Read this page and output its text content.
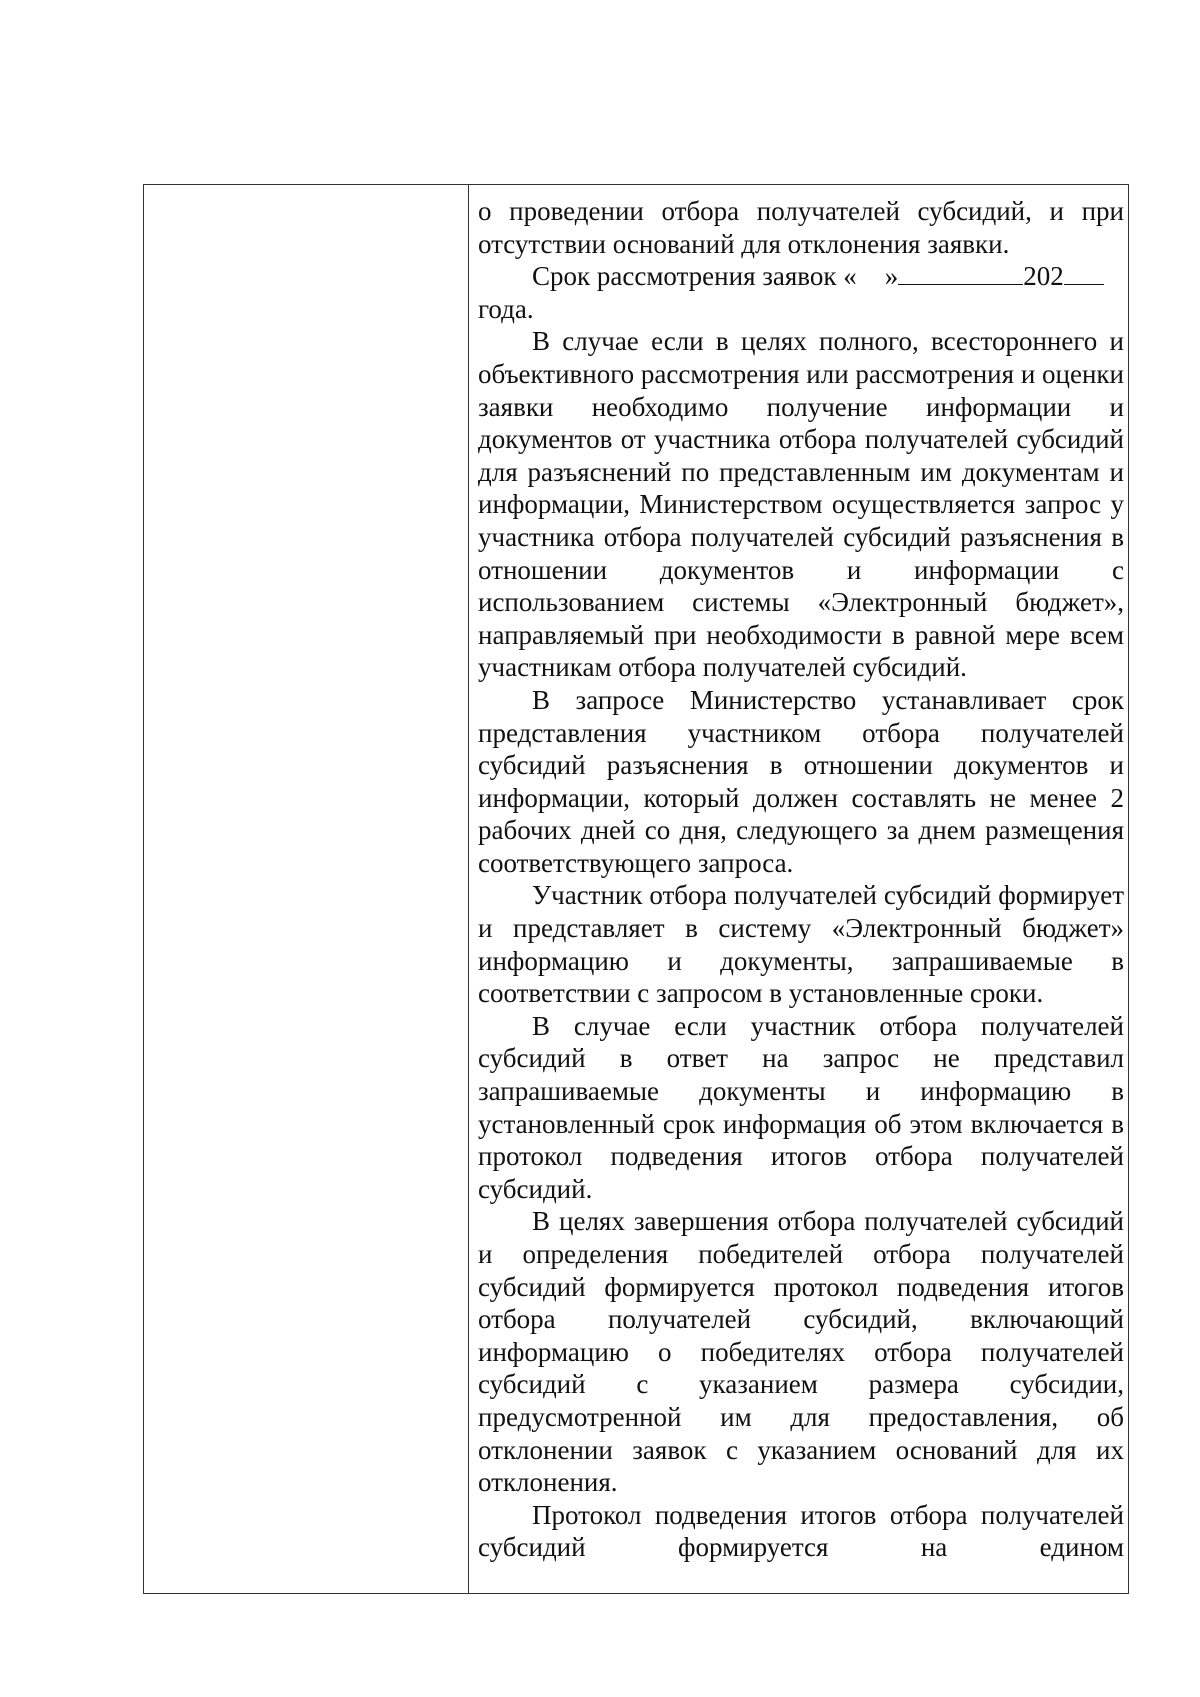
о проведении отбора получателей субсидий, и при отсутствии оснований для отклонения заявки.

Срок рассмотрения заявок « »	202

года.

В случае если в целях полного, всестороннего и объективного рассмотрения или рассмотрения и оценки заявки необходимо получение информации и документов от участника отбора получателей субсидий для разъяснений по представленным им документам и информации, Министерством осуществляется запрос у участника отбора получателей субсидий разъяснения в отношении документов и информации с использованием системы «Электронный бюджет», направляемый при необходимости в равной мере всем участникам отбора получателей субсидий.

В запросе Министерство устанавливает срок представления участником отбора получателей субсидий разъяснения в отношении документов и информации, который должен составлять не менее 2 рабочих дней со дня, следующего за днем размещения соответствующего запроса.

Участник отбора получателей субсидий формирует и представляет в систему «Электронный бюджет» информацию и документы, запрашиваемые в соответствии с запросом в установленные сроки.

В случае если участник отбора получателей субсидий в ответ на запрос не представил запрашиваемые документы и информацию в установленный срок информация об этом включается в протокол подведения итогов отбора получателей субсидий.

В целях завершения отбора получателей субсидий и определения победителей отбора получателей субсидий формируется протокол подведения итогов отбора получателей субсидий, включающий информацию о победителях отбора получателей субсидий с указанием размера субсидии, предусмотренной им для предоставления, об отклонении заявок с указанием оснований для их отклонения.

Протокол подведения итогов отбора получателей субсидий формируется на едином
